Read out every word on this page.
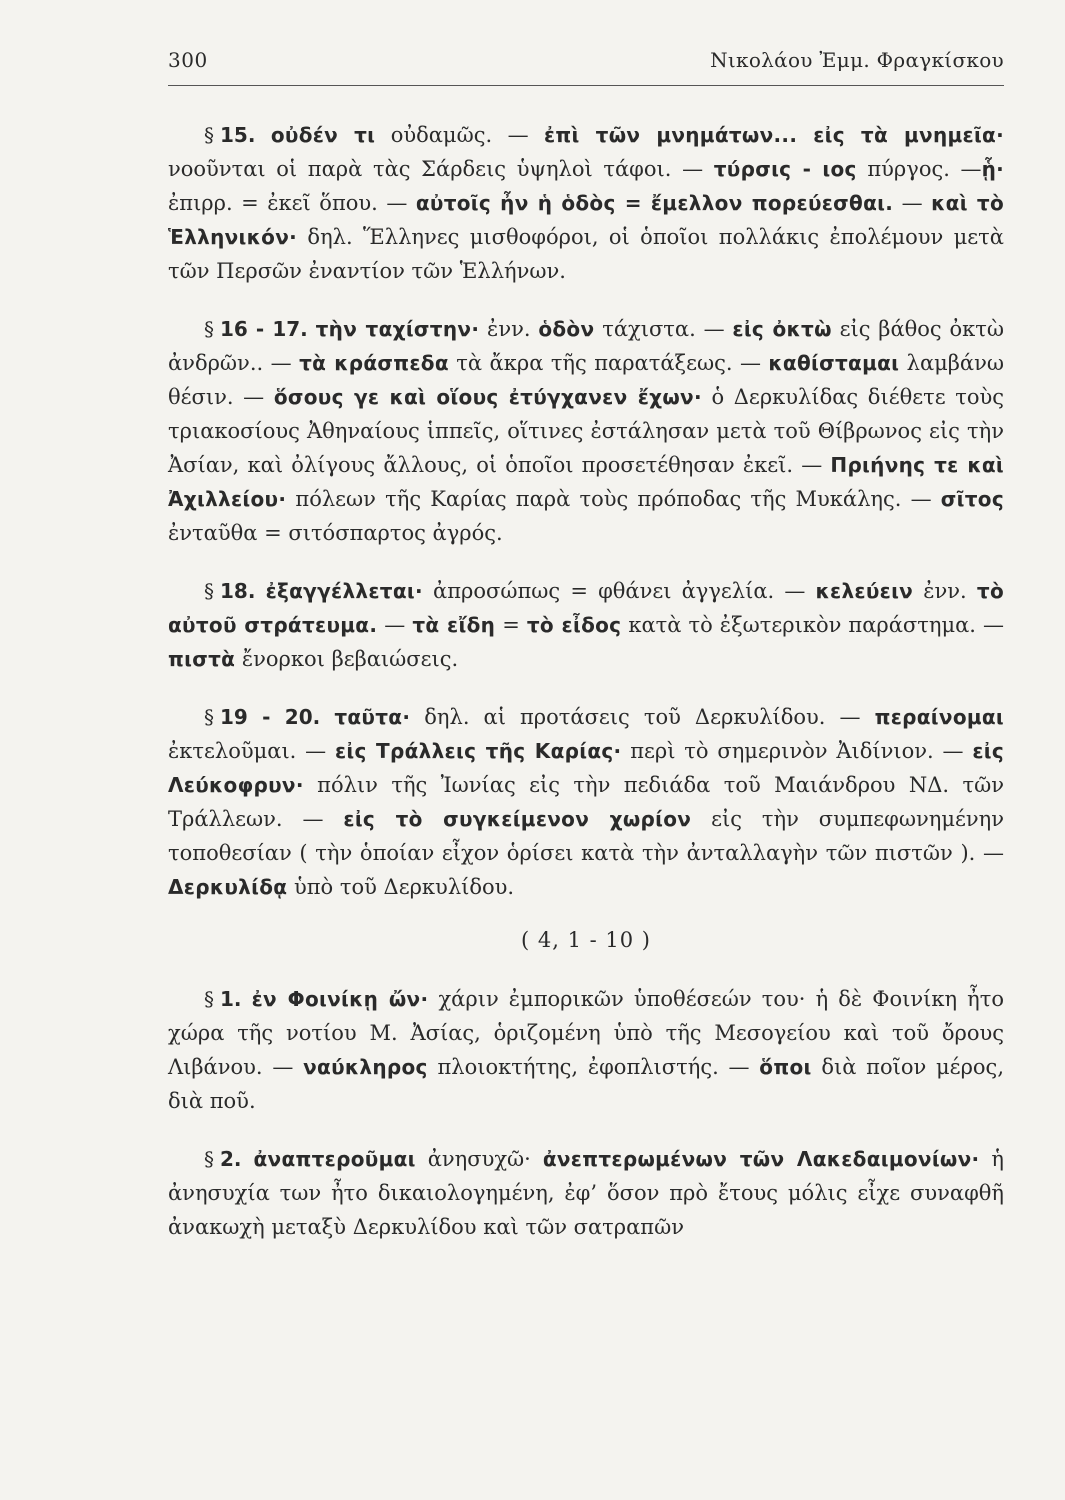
300	Νικολάου Ἐμμ. Φραγκίσκου

§ 15. οὐδέν τι οὐδαμῶς. — ἐπὶ τῶν μνημάτων... εἰς τὰ μνημεῖα· νοοῦνται οἱ παρὰ τὰς Σάρδεις ὑψηλοὶ τάφοι. — τύρσις - ιος πύργος. —ᾗ· ἐπιρρ. = ἐκεῖ ὅπου. — αὐτοῖς ἦν ἡ ὁδὸς = ἔμελλον πορεύεσθαι. — καὶ τὸ Ἑλληνικόν· δηλ. Ἕλληνες μισθοφόροι, οἱ ὁποῖοι πολλάκις ἐπολέμουν μετὰ τῶν Περσῶν ἐναντίον τῶν Ἑλλήνων.

§ 16 - 17. τὴν ταχίστην· ἐνν. ὁδὸν τάχιστα. — εἰς ὀκτὼ εἰς βάθος ὀκτὼ ἀνδρῶν.. — τὰ κράσπεδα τὰ ἄκρα τῆς παρατάξεως. — καθίσταμαι λαμβάνω θέσιν. — ὅσους γε καὶ οἵους ἐτύγχανεν ἔχων· ὁ Δερκυλίδας διέθετε τοὺς τριακοσίους Ἀθηναίους ἱππεῖς, οἵτινες ἐστάλησαν μετὰ τοῦ Θίβρωνος εἰς τὴν Ἀσίαν, καὶ ὀλίγους ἄλλους, οἱ ὁποῖοι προσετέθησαν ἐκεῖ. — Πριήνης τε καὶ Ἀχιλλείου· πόλεων τῆς Καρίας παρὰ τοὺς πρόποδας τῆς Μυκάλης. — σῖτος ἐνταῦθα = σιτόσπαρτος ἀγρός.

§ 18. ἐξαγγέλλεται· ἀπροσώπως = φθάνει ἀγγελία. — κελεύειν ἐνν. τὸ αὐτοῦ στράτευμα. — τὰ εἴδη = τὸ εἶδος κατὰ τὸ ἐξωτερικὸν παράστημα. — πιστὰ ἔνορκοι βεβαιώσεις.

§ 19 - 20. ταῦτα· δηλ. αἱ προτάσεις τοῦ Δερκυλίδου. — περαίνομαι ἐκτελοῦμαι. — εἰς Τράλλεις τῆς Καρίας· περὶ τὸ σημερινὸν Ἀιδίνιον. — εἰς Λεύκοφρυν· πόλιν τῆς Ἰωνίας εἰς τὴν πεδιάδα τοῦ Μαιάνδρου ΝΔ. τῶν Τράλλεων. — εἰς τὸ συγκείμενον χωρίον εἰς τὴν συμπεφωνημένην τοποθεσίαν ( τὴν ὁποίαν εἶχον ὁρίσει κατὰ τὴν ἀνταλλαγὴν τῶν πιστῶν ). — Δερκυλίδᾳ ὑπὸ τοῦ Δερκυλίδου.

( 4, 1 - 10 )

§ 1. ἐν Φοινίκῃ ὤν· χάριν ἐμπορικῶν ὑποθέσεών του· ἡ δὲ Φοινίκη ἦτο χώρα τῆς νοτίου Μ. Ἀσίας, ὁριζομένη ὑπὸ τῆς Μεσογείου καὶ τοῦ ὄρους Λιβάνου. — ναύκληρος πλοιοκτήτης, ἐφοπλιστής. — ὅποι διὰ ποῖον μέρος, διὰ ποῦ.

§ 2. ἀναπτεροῦμαι ἀνησυχῶ· ἀνεπτερωμένων τῶν Λακεδαιμονίων· ἡ ἀνησυχία των ἦτο δικαιολογημένη, ἐφ’ ὅσον πρὸ ἔτους μόλις εἶχε συναφθῆ ἀνακωχὴ μεταξὺ Δερκυλίδου καὶ τῶν σατραπῶν
